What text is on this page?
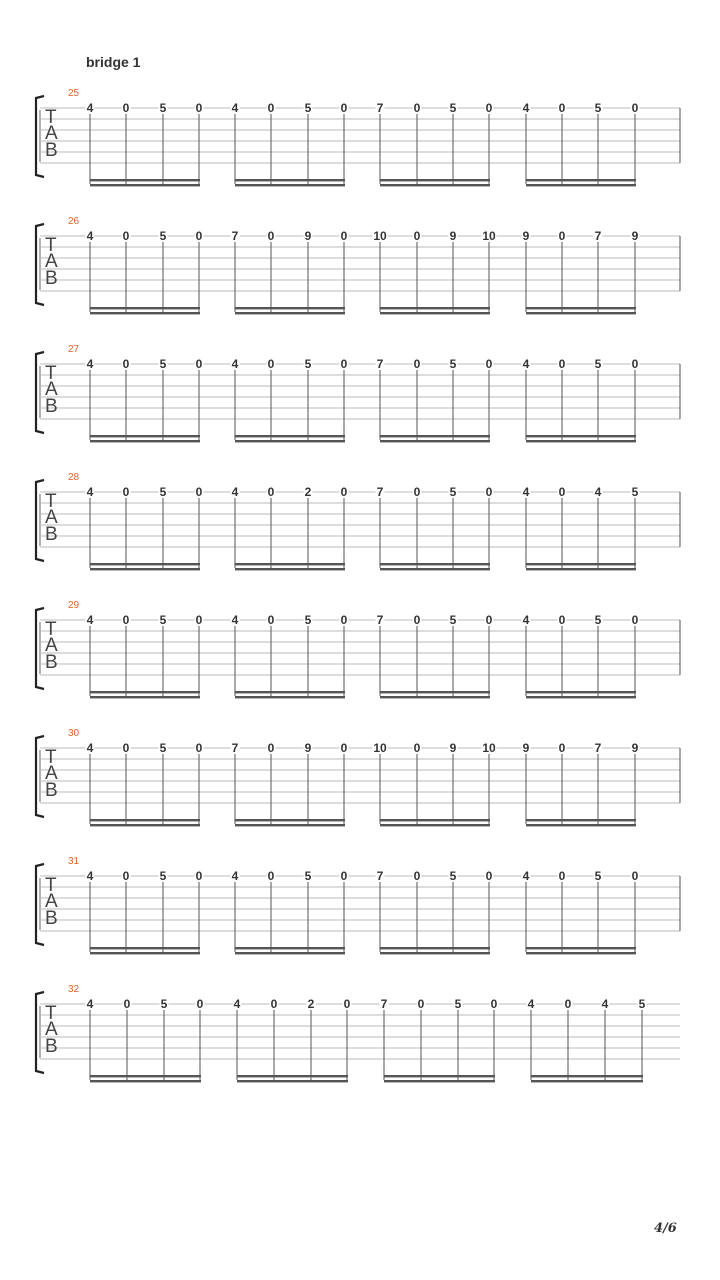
bridge 1
T
A
B
25
4 0	5 0 4 0	5 0 7	0 5 0	4 0 5	0
T
A
B
26
4 0	5 0 7 0	9 0 10 0 9 10 9 0 7	9
T
A
B
27
4 0	5 0 4 0	5 0 7	0 5 0	4 0 5	0
T
A
B
28
4 0	5 0 4 0	2 0 7	0 5 0	4 0 4	5
T
A
B
29
4 0	5 0 4 0	5 0 7	0 5 0	4 0 5	0
T
A
B
30
4 0	5 0 7 0	9 0 10 0 9 10 9 0 7	9
T
A
B
31
4 0	5 0 4 0	5 0 7	0 5 0	4 0 5	0
T
A
B
32
4	0	5 0	4	0	2 0	7	0	5 0	4	0	4	5
4/6
